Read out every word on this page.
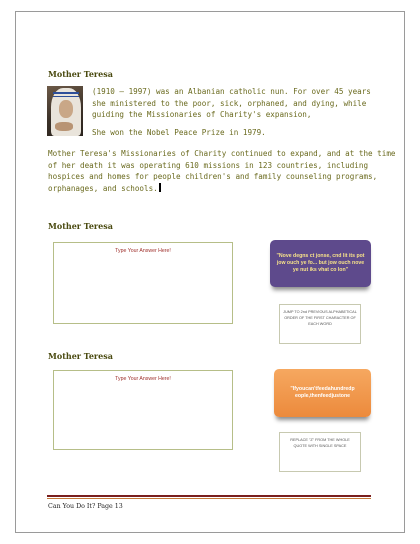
Mother Teresa
(1910 – 1997) was an Albanian catholic nun. For over 45 years
she ministered to the poor, sick, orphaned, and dying, while
guiding the Missionaries of Charity's expansion,
She won the Nobel Peace Prize in 1979.
Mother Teresa's Missionaries of Charity continued to expand, and at the time
of her death it was operating 610 missions in 123 countries, including
hospices and homes for people children's and family counseling programs,
orphanages, and schools.
Mother Teresa
Type Your Answer Here!
"Nove degns ct jonse, cnd lit its pot jow ouch ye fo... but jow ouch nove ye nut iks vhat co lon"
JUMP TO 2nd PREVIOUS ALPHABETICAL ORDER OF THE FIRST CHARACTER OF EACH WORD
Mother Teresa
Type Your Answer Here!
"Ifyoucan'tfeedahundredp eople,thenfeedjustone
REPLACE "Z" FROM THE WHOLE QUOTE WITH SINGLE SPACE
Can You Do It? Page 13
